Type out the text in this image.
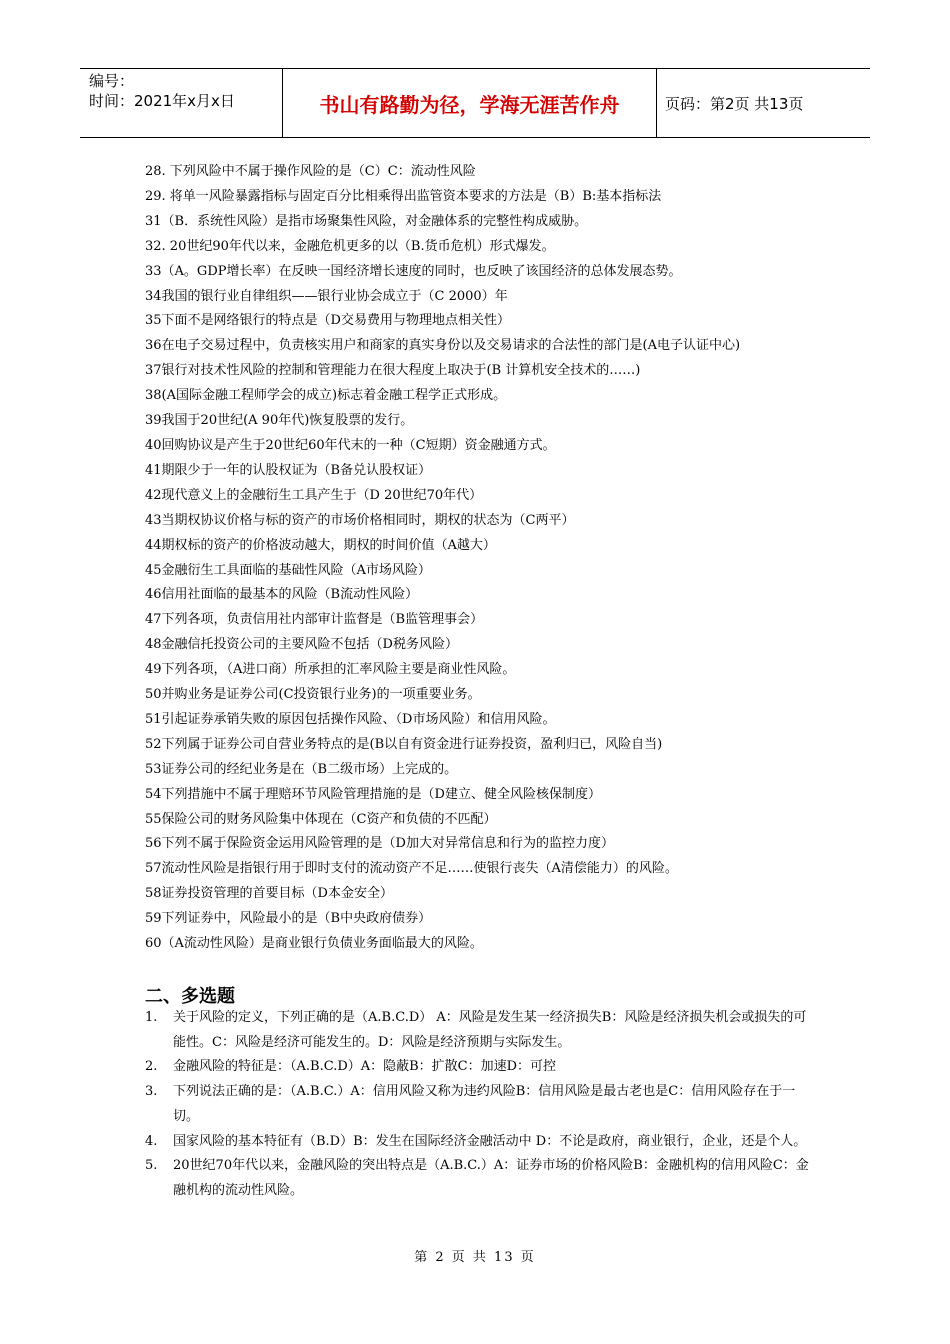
编号：
时间：2021年x月x日	书山有路勤为径，学海无涯苦作舟	页码：第2页 共13页
28. 下列风险中不属于操作风险的是（C）C：流动性风险
29. 将单一风险暴露指标与固定百分比相乘得出监管资本要求的方法是（B）B:基本指标法
31（B．系统性风险）是指市场聚集性风险，对金融体系的完整性构成威胁。
32. 20世纪90年代以来，金融危机更多的以（B.货币危机）形式爆发。
33（A。GDP增长率）在反映一国经济增长速度的同时，也反映了该国经济的总体发展态势。
34我国的银行业自律组织——银行业协会成立于（C 2000）年
35下面不是网络银行的特点是（D交易费用与物理地点相关性）
36在电子交易过程中，负责核实用户和商家的真实身份以及交易请求的合法性的部门是(A电子认证中心)
37银行对技术性风险的控制和管理能力在很大程度上取决于(B 计算机安全技术的……)
38(A国际金融工程师学会的成立)标志着金融工程学正式形成。
39我国于20世纪(A 90年代)恢复股票的发行。
40回购协议是产生于20世纪60年代末的一种（C短期）资金融通方式。
41期限少于一年的认股权证为（B备兑认股权证）
42现代意义上的金融衍生工具产生于（D 20世纪70年代）
43当期权协议价格与标的资产的市场价格相同时，期权的状态为（C两平）
44期权标的资产的价格波动越大，期权的时间价值（A越大）
45金融衍生工具面临的基础性风险（A市场风险）
46信用社面临的最基本的风险（B流动性风险）
47下列各项，负责信用社内部审计监督是（B监管理事会）
48金融信托投资公司的主要风险不包括（D税务风险）
49下列各项，（A进口商）所承担的汇率风险主要是商业性风险。
50并购业务是证券公司(C投资银行业务)的一项重要业务。
51引起证券承销失败的原因包括操作风险、（D市场风险）和信用风险。
52下列属于证券公司自营业务特点的是(B以自有资金进行证券投资，盈利归已，风险自当)
53证券公司的经纪业务是在（B二级市场）上完成的。
54下列措施中不属于理赔环节风险管理措施的是（D建立、健全风险核保制度）
55保险公司的财务风险集中体现在（C资产和负债的不匹配）
56下列不属于保险资金运用风险管理的是（D加大对异常信息和行为的监控力度）
57流动性风险是指银行用于即时支付的流动资产不足……使银行丧失（A清偿能力）的风险。
58证券投资管理的首要目标（D本金安全）
59下列证券中，风险最小的是（B中央政府债券）
60（A流动性风险）是商业银行负债业务面临最大的风险。
二、多选题
1.	关于风险的定义，下列正确的是（A.B.C.D） A：风险是发生某一经济损失B：风险是经济损失机会或损失的可能性。C：风险是经济可能发生的。D：风险是经济预期与实际发生。
2.	金融风险的特征是：（A.B.C.D）A：隐蔽B：扩散C：加速D：可控
3.	下列说法正确的是：（A.B.C.）A：信用风险又称为违约风险B：信用风险是最古老也是C：信用风险存在于一切。
4.	国家风险的基本特征有（B.D）B：发生在国际经济金融活动中 D：不论是政府，商业银行，企业，还是个人。
5.	20世纪70年代以来，金融风险的突出特点是（A.B.C.）A：证券市场的价格风险B：金融机构的信用风险C：金融机构的流动性风险。
第 2 页 共 13 页
